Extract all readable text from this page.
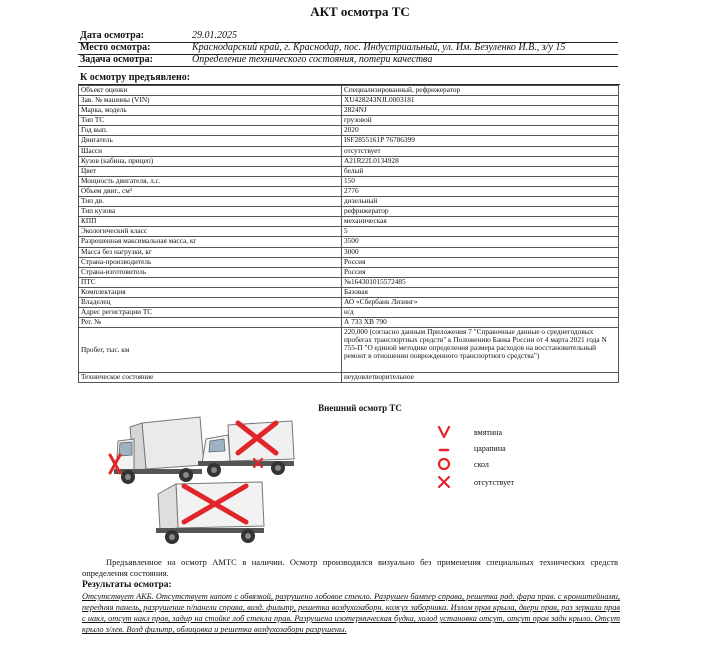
АКТ осмотра ТС
Дата осмотра:	29.01.2025
Место осмотра:	Краснодарский край, г. Краснодар, пос. Индустриальный, ул. Им. Безуленко И.В., з/у 15
Задача осмотра:	Определение технического состояния, потери качества
К осмотру предъявлено:
Объект оценки	Специализированный, рефрижератор
Зав. № машины (VIN)	XU428243NJL0003181
Марка, модель	2824NJ
Тип ТС	грузовой
Год вып.	2020
Двигатель	ISF2855161P 76786399
Шасси	отсутствует
Кузов (кабина, прицеп)	A21R22L0134928
Цвет	белый
Мощность двигателя, л.с.	150
Объем двиг., см³	2776
Тип дв.	дизельный
Тип кузова	рефрижератор
КПП	механическая
Экологический класс	5
Разрешенная максимальная масса, кг	3500
Масса без нагрузки, кг	3000
Страна-производитель	Россия
Страна-изготовитель	Россия
ПТС	№164301015572485
Комплектация	Базовая
Владелец	АО «Сбербанк Лизинг»
Адрес регистрации ТС	н/д
Рег. №	А 733 ХВ 790
Пробег, тыс. км	220,000 (согласно данным Приложения 7 "Справочные данные о среднегодовых пробегах транспортных средств" к Положению Банка России от 4 марта 2021 года N 755-П "О единой методике определения размера расходов на восстановительный ремонт в отношении поврежденного транспортного средства")
Техническое состояние	неудовлетворительное
Внешний осмотр ТС
вмятина
царапина
скол
отсутствует
Предъявленное на осмотр АМТС в наличии. Осмотр производился визуально без применения специальных технических средств определения состояния.
Результаты осмотра:
Отсутствует АКБ. Отсутствует капот с обвязкой, разрушено лобовое стекло. Разрушен бампер справа, решетка рад. фара прав. с кронштейнами, передняя панель, разрушение п/панели справа, возд. фильтр, решетка воздухозаборн. кожух заборника. Излом прав крыла, двери прав, раз зеркало прав с накл, отсут накл прав, задир на стойке лоб стекла прав. Разрушена изотермическая будка, холод установка отсут, отсут прав задн крыло. Отсут крыло з/лев. Возд фильтр, облицовка и решетка воздухозаборн разрушены.
